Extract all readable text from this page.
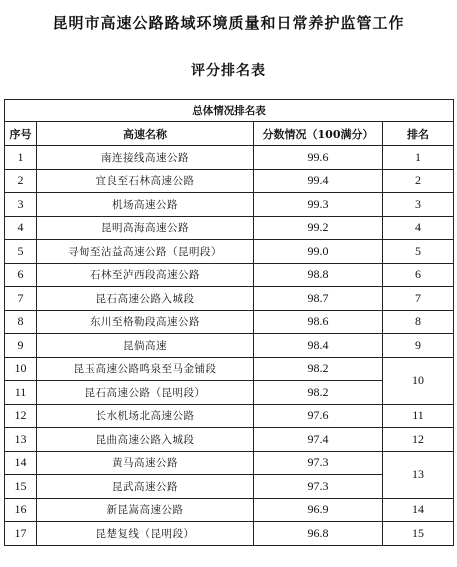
昆明市高速公路路域环境质量和日常养护监管工作
评分排名表
总体情况排名表			
序号	高速名称	分数情况（100满分）	排名
1	南连接线高速公路	99.6	1
2	宜良至石林高速公路	99.4	2
3	机场高速公路	99.3	3
4	昆明高海高速公路	99.2	4
5	寻甸至沾益高速公路（昆明段）	99.0	5
6	石林至泸西段高速公路	98.8	6
7	昆石高速公路入城段	98.7	7
8	东川至格勒段高速公路	98.6	8
9	昆倘高速	98.4	9
10	昆玉高速公路鸣泉至马金铺段	98.2	10
11	昆石高速公路（昆明段）	98.2	
12	长水机场北高速公路	97.6	11
13	昆曲高速公路入城段	97.4	12
14	黄马高速公路	97.3	13
15	昆武高速公路	97.3	
16	新昆嵩高速公路	96.9	14
17	昆楚复线（昆明段）	96.8	15
